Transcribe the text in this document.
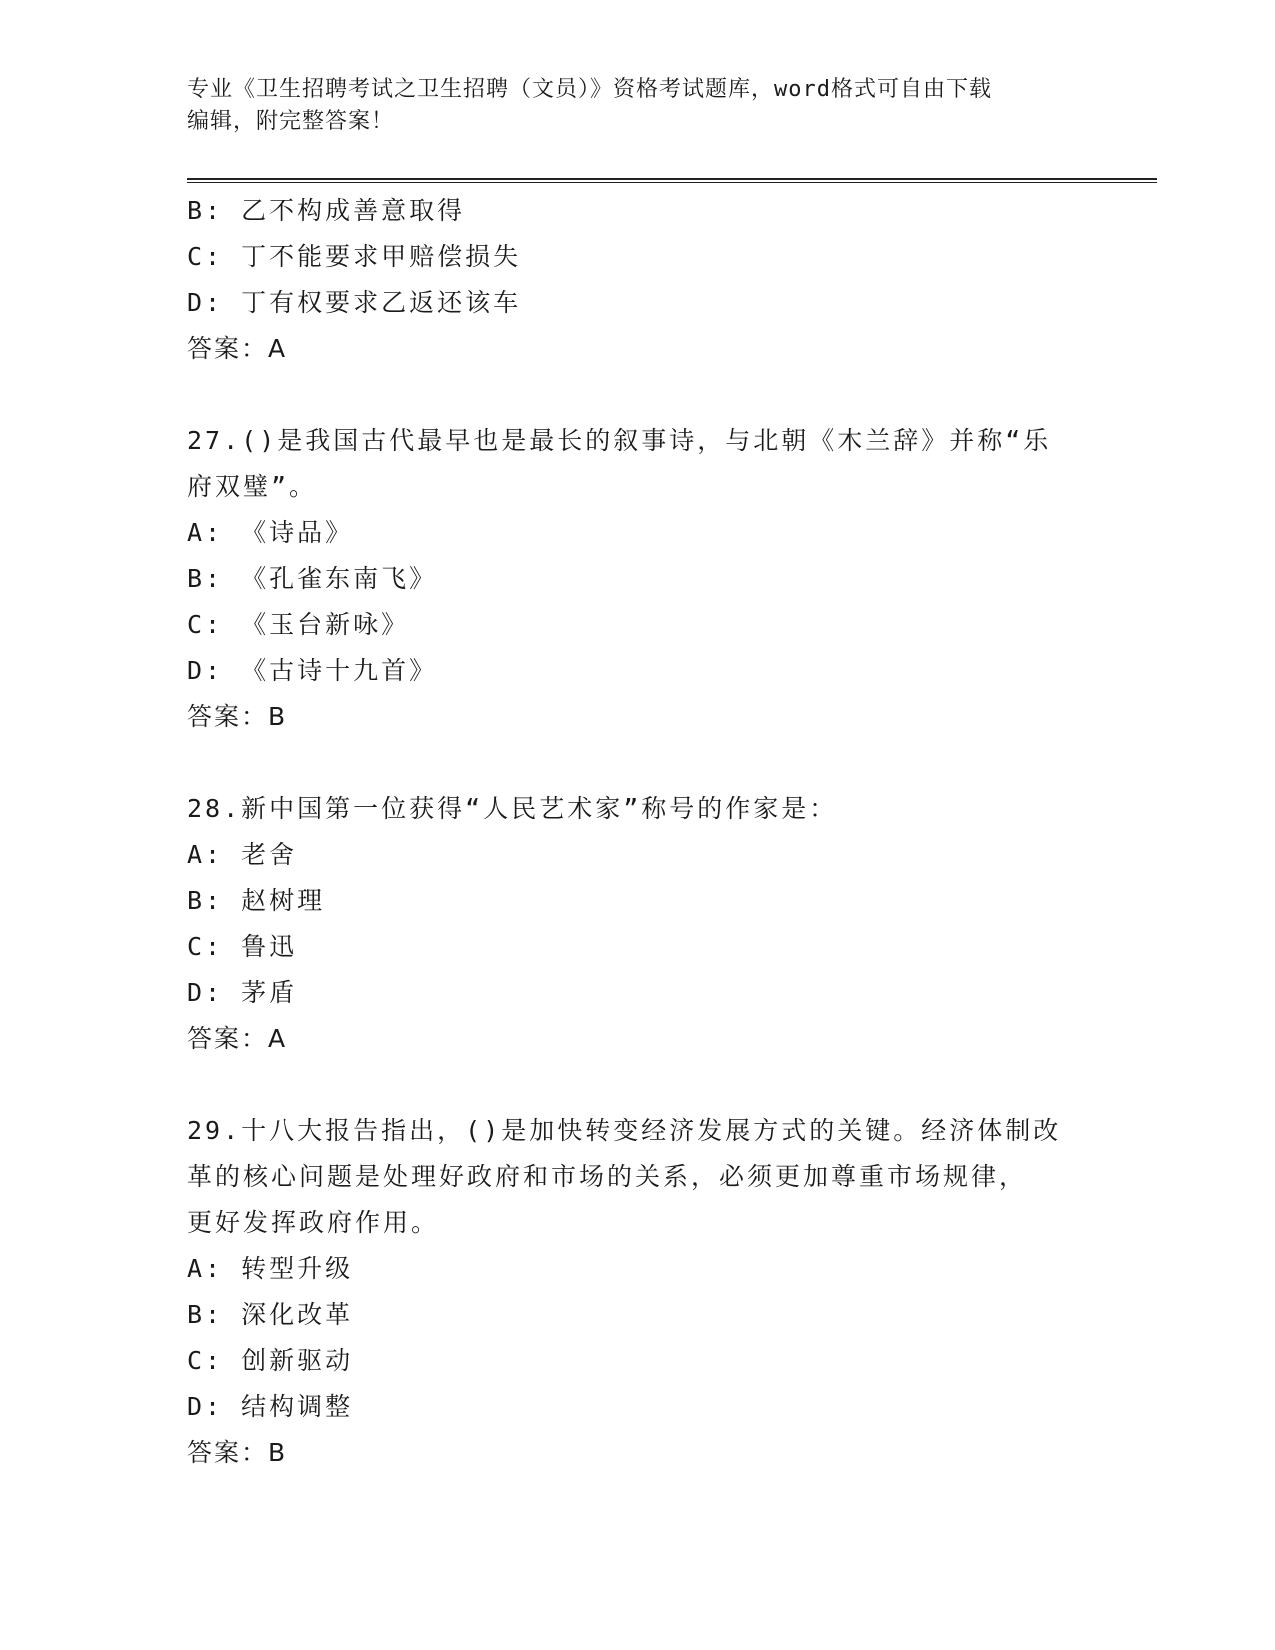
专业《卫生招聘考试之卫生招聘（文员）》资格考试题库，word格式可自由下载
编辑，附完整答案！
B: 乙不构成善意取得
C: 丁不能要求甲赔偿损失
D: 丁有权要求乙返还该车
答案：A
27.()是我国古代最早也是最长的叙事诗，与北朝《木兰辞》并称“乐
府双璧”。
A: 《诗品》
B: 《孔雀东南飞》
C: 《玉台新咏》
D: 《古诗十九首》
答案：B
28.新中国第一位获得“人民艺术家”称号的作家是：
A: 老舍
B: 赵树理
C: 鲁迅
D: 茅盾
答案：A
29.十八大报告指出，()是加快转变经济发展方式的关键。经济体制改
革的核心问题是处理好政府和市场的关系，必须更加尊重市场规律，
更好发挥政府作用。
A: 转型升级
B: 深化改革
C: 创新驱动
D: 结构调整
答案：B
